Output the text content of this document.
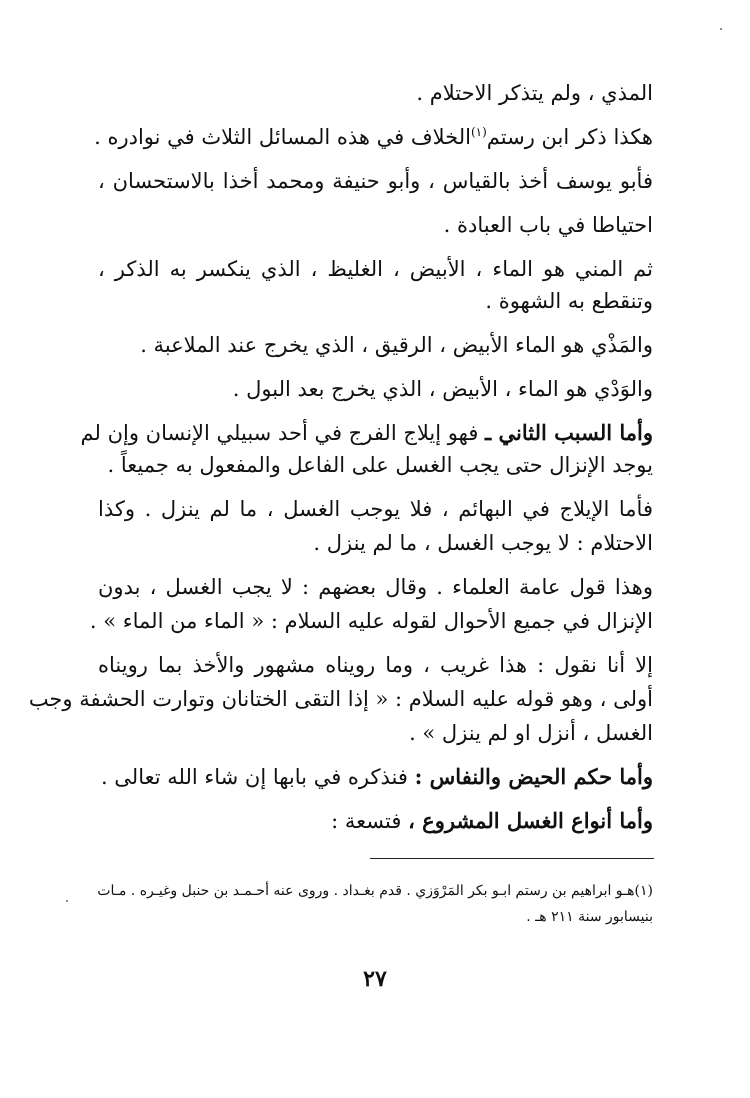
المذي ، ولم يتذكر الاحتلام .
هكذا ذكر ابن رستم$^{(١)}$الخلاف في هذه المسائل الثلاث في نوادره .
فأبو يوسف أخذ بالقياس ، وأبو حنيفة ومحمد أخذا بالاستحسان ،
احتياطا في باب العبادة .
ثم المني هو الماء ، الأبيض ، الغليظ ، الذي ينكسر به الذكر ،
وتنقطع به الشهوة .
والمَذْي هو الماء الأبيض ، الرقيق ، الذي يخرج عند الملاعبة .
والوَدْي هو الماء ، الأبيض ، الذي يخرج بعد البول .
وأما السبب الثاني ـ فهو إيلاج الفرج في أحد سبيلي الإنسان وإن لم
يوجد الإنزال حتى يجب الغسل على الفاعل والمفعول به جميعاً .
فأما الإيلاج في البهائم ، فلا يوجب الغسل ، ما لم ينزل . وكذا
الاحتلام : لا يوجب الغسل ، ما لم ينزل .
وهذا قول عامة العلماء . وقال بعضهم : لا يجب الغسل ، بدون
الإنزال في جميع الأحوال لقوله عليه السلام : « الماء من الماء » .
إلا أنا نقول : هذا غريب ، وما رويناه مشهور والأخذ بما رويناه
أولى ، وهو قوله عليه السلام : « إذا التقى الختانان وتوارت الحشفة وجب
الغسل ، أنزل او لم ينزل » .
وأما حكم الحيض والنفاس : فنذكره في بابها إن شاء الله تعالى .
وأما أنواع الغسل المشروع ، فتسعة :
(١)هـو ابراهيم بن رستم ابـو بكر المَرْوَزي . قدم بغـداد . وروى عنه أحـمـد بن حنبل وغيـره . مـات
بنيسابور سنة ٢١١ هـ .
٢٧
